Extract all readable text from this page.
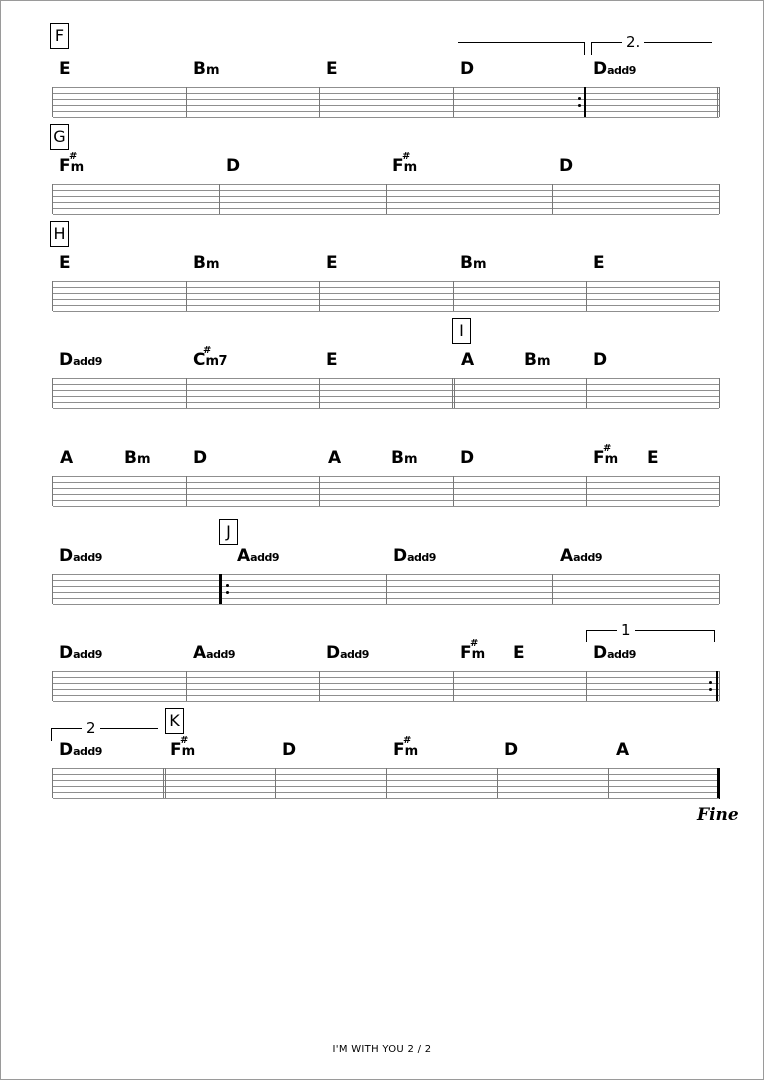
F	2.
E	Bm	E	D	Dadd9
G
F
#
m	D	F
#
m	D
H
E	Bm	E	Bm	E
I
Dadd9	C
#
m7	E	A	Bm	D
A	Bm	D	A	Bm	D	F
#
m E
J
Dadd9	Aadd9	Dadd9	Aadd9
1
Dadd9	Aadd9	Dadd9	F
#
m E	Dadd9
2	K
Dadd9	F
#
m	D	F
#
m	D	A
Fine
I'M WITH YOU 2 / 2
